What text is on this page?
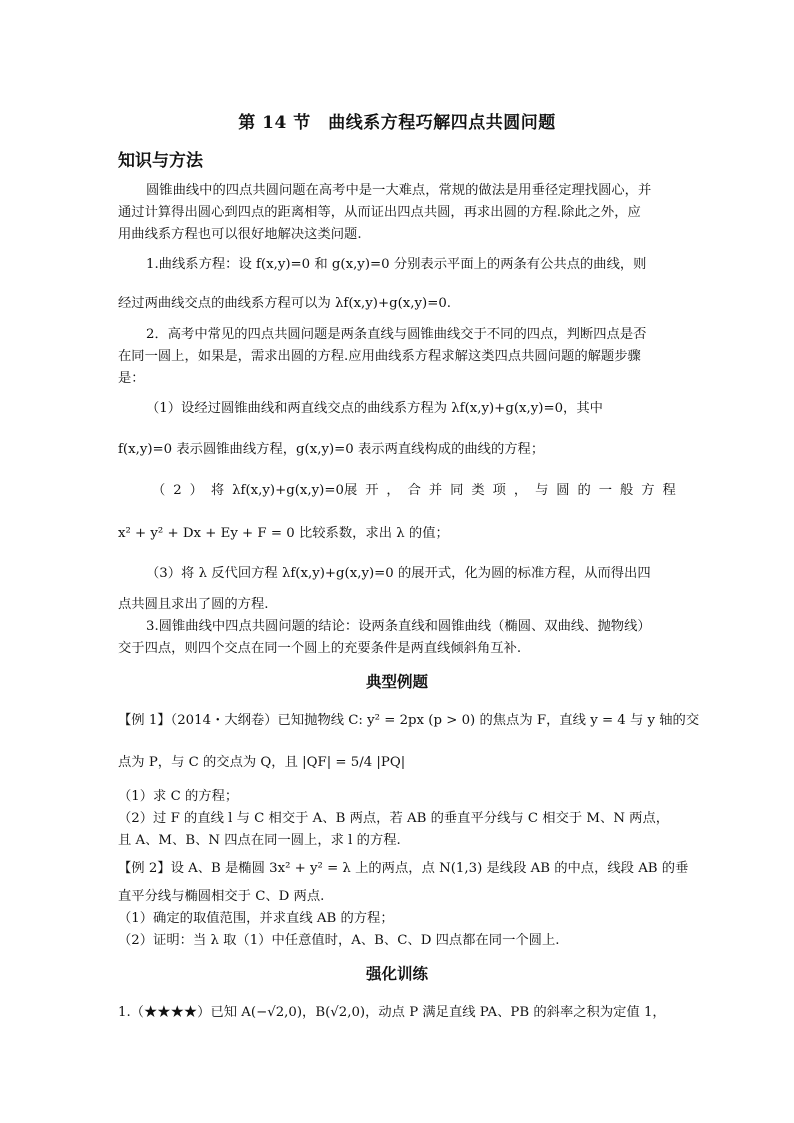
第 14 节　曲线系方程巧解四点共圆问题
知识与方法
圆锥曲线中的四点共圆问题在高考中是一大难点，常规的做法是用垂径定理找圆心，并
通过计算得出圆心到四点的距离相等，从而证出四点共圆，再求出圆的方程.除此之外，应
用曲线系方程也可以很好地解决这类问题.
1.曲线系方程：设 f(x,y)=0 和 g(x,y)=0 分别表示平面上的两条有公共点的曲线，则
经过两曲线交点的曲线系方程可以为 λf(x,y)+g(x,y)=0.
2．高考中常见的四点共圆问题是两条直线与圆锥曲线交于不同的四点，判断四点是否
在同一圆上，如果是，需求出圆的方程.应用曲线系方程求解这类四点共圆问题的解题步骤
是：
（1）设经过圆锥曲线和两直线交点的曲线系方程为 λf(x,y)+g(x,y)=0，其中
f(x,y)=0 表示圆锥曲线方程，g(x,y)=0 表示两直线构成的曲线的方程；
（ 2 ） 将 λf(x,y)+g(x,y)=0展 开 ， 合 并 同 类 项 ， 与 圆 的 一 般 方 程
x² + y² + Dx + Ey + F = 0 比较系数，求出 λ 的值；
（3）将 λ 反代回方程 λf(x,y)+g(x,y)=0 的展开式，化为圆的标准方程，从而得出四
点共圆且求出了圆的方程.
3.圆锥曲线中四点共圆问题的结论：设两条直线和圆锥曲线（椭圆、双曲线、抛物线）
交于四点，则四个交点在同一个圆上的充要条件是两直线倾斜角互补.
典型例题
【例 1】（2014・大纲卷）已知抛物线 C: y² = 2px (p > 0) 的焦点为 F，直线 y = 4 与 y 轴的交
点为 P，与 C 的交点为 Q，且 |QF| = 5/4 |PQ|
（1）求 C 的方程；
（2）过 F 的直线 l 与 C 相交于 A、B 两点，若 AB 的垂直平分线与 C 相交于 M、N 两点，
且 A、M、B、N 四点在同一圆上，求 l 的方程.
【例 2】设 A、B 是椭圆 3x² + y² = λ 上的两点，点 N(1,3) 是线段 AB 的中点，线段 AB 的垂
直平分线与椭圆相交于 C、D 两点.
（1）确定的取值范围，并求直线 AB 的方程；
（2）证明：当 λ 取（1）中任意值时，A、B、C、D 四点都在同一个圆上.
强化训练
1.（★★★★）已知 A(−√2,0)，B(√2,0)，动点 P 满足直线 PA、PB 的斜率之积为定值 1，
